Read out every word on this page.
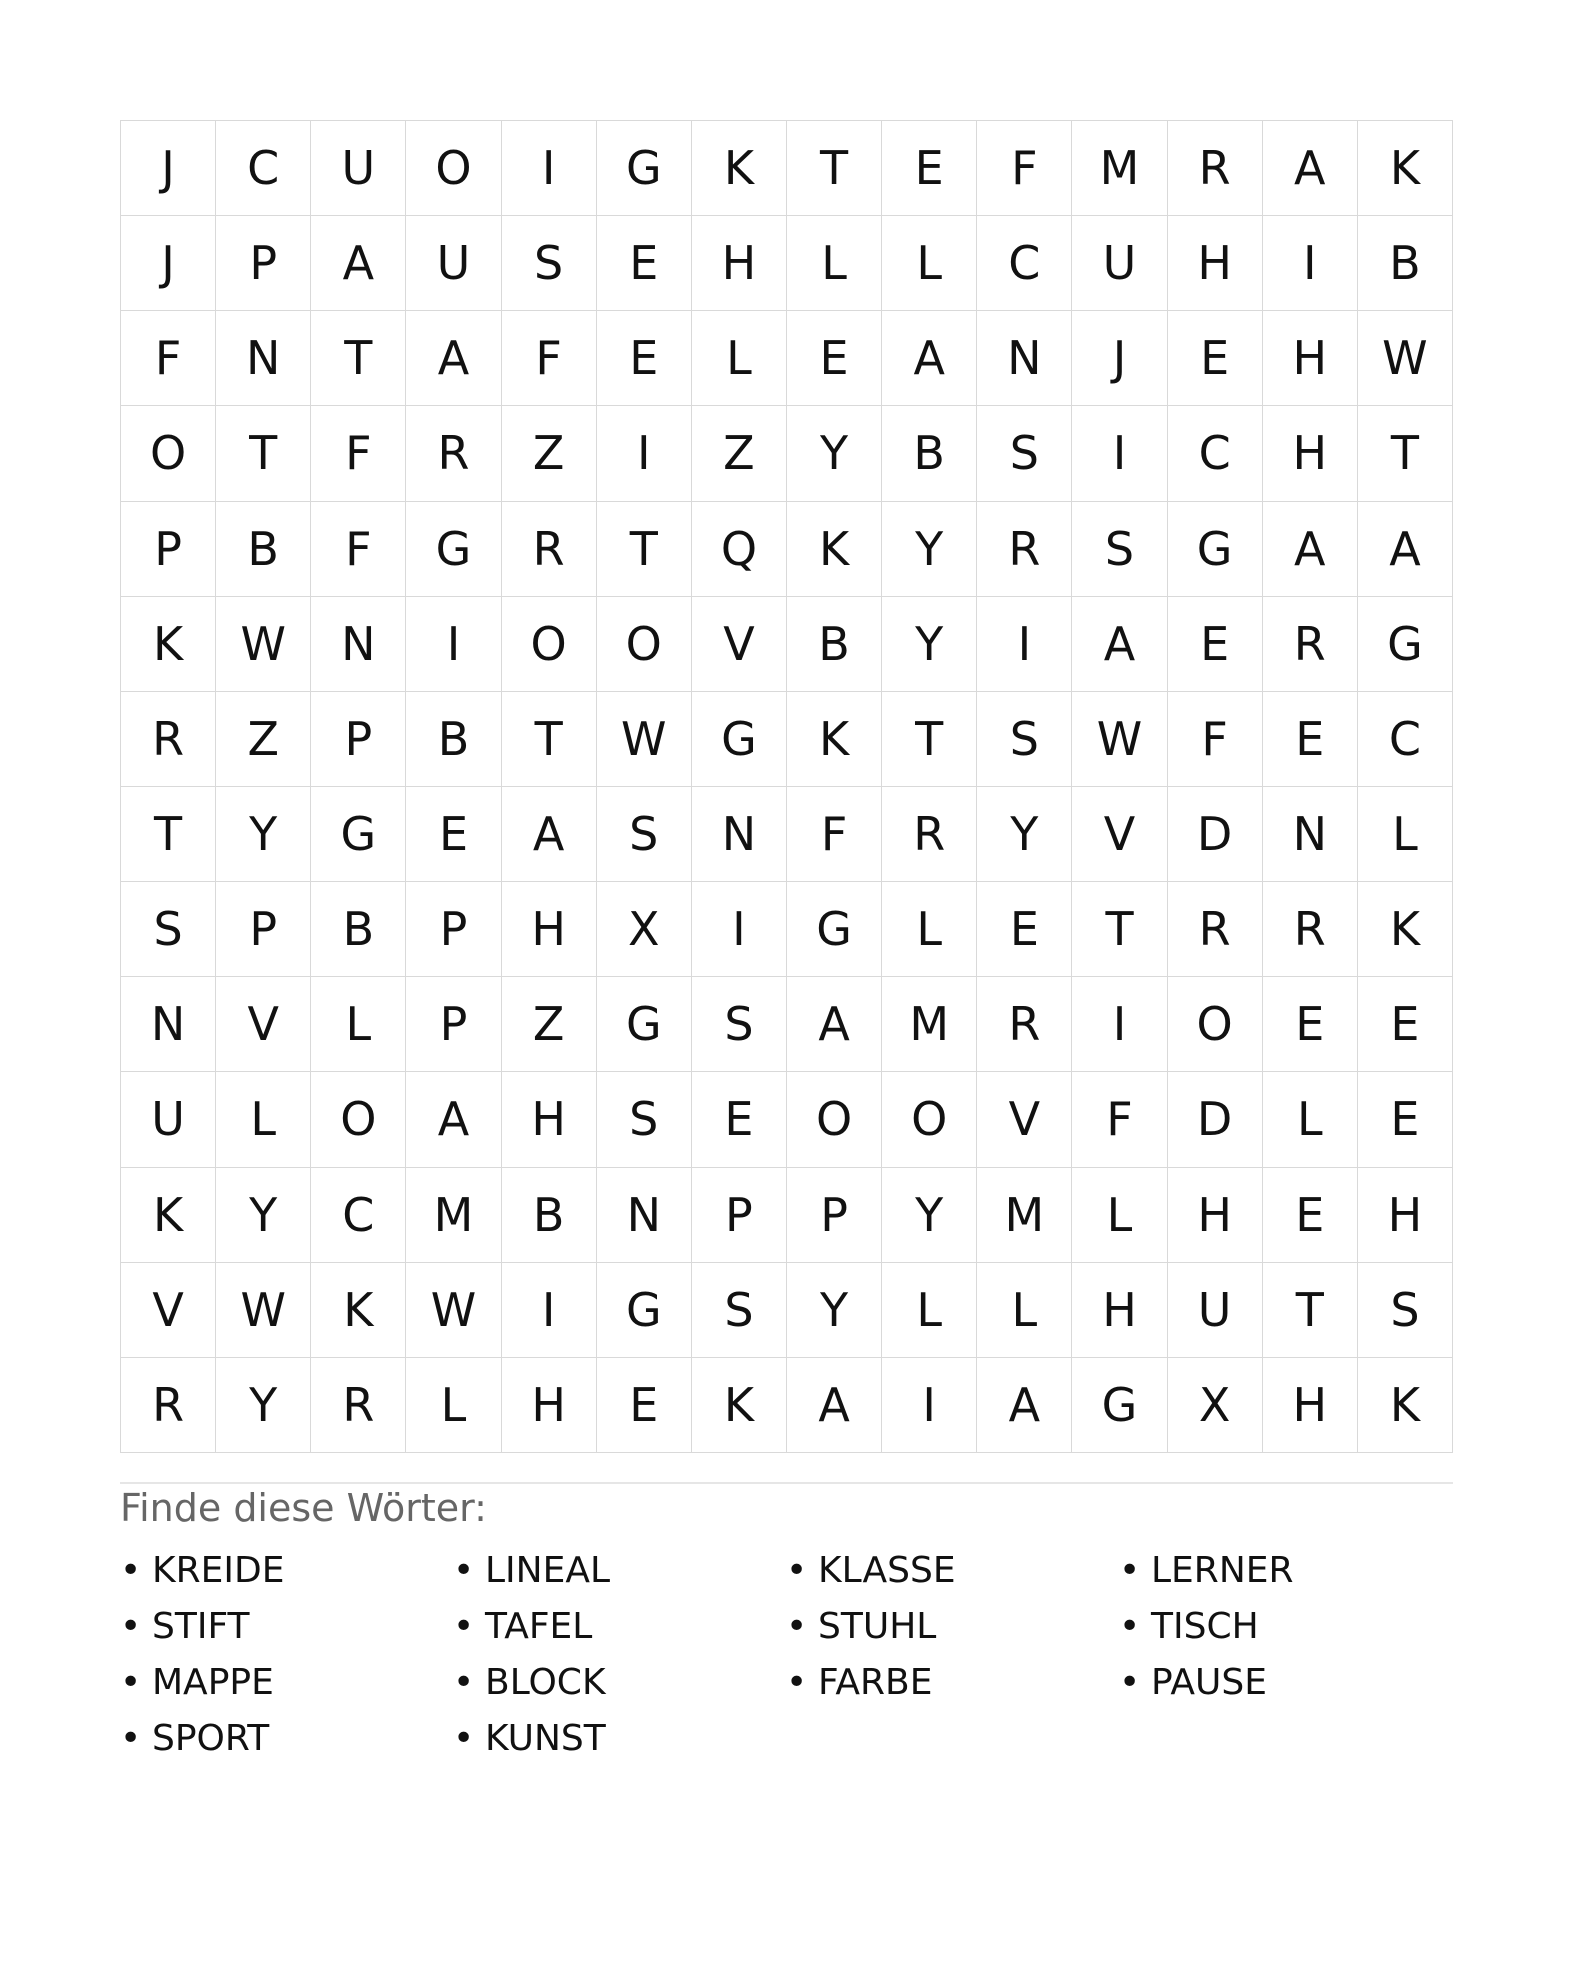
J	C	U	O	I	G	K	T	E	F	M	R	A	K
J	P	A	U	S	E	H	L	L	C	U	H	I	B
F	N	T	A	F	E	L	E	A	N	J	E	H	W
O	T	F	R	Z	I	Z	Y	B	S	I	C	H	T
P	B	F	G	R	T	Q	K	Y	R	S	G	A	A
K	W	N	I	O	O	V	B	Y	I	A	E	R	G
R	Z	P	B	T	W	G	K	T	S	W	F	E	C
T	Y	G	E	A	S	N	F	R	Y	V	D	N	L
S	P	B	P	H	X	I	G	L	E	T	R	R	K
N	V	L	P	Z	G	S	A	M	R	I	O	E	E
U	L	O	A	H	S	E	O	O	V	F	D	L	E
K	Y	C	M	B	N	P	P	Y	M	L	H	E	H
V	W	K	W	I	G	S	Y	L	L	H	U	T	S
R	Y	R	L	H	E	K	A	I	A	G	X	H	K
Finde diese Wörter:
• KREIDE	• LINEAL	• KLASSE	• LERNER
• STIFT	• TAFEL	• STUHL	• TISCH
• MAPPE	• BLOCK	• FARBE	• PAUSE
• SPORT	• KUNST
